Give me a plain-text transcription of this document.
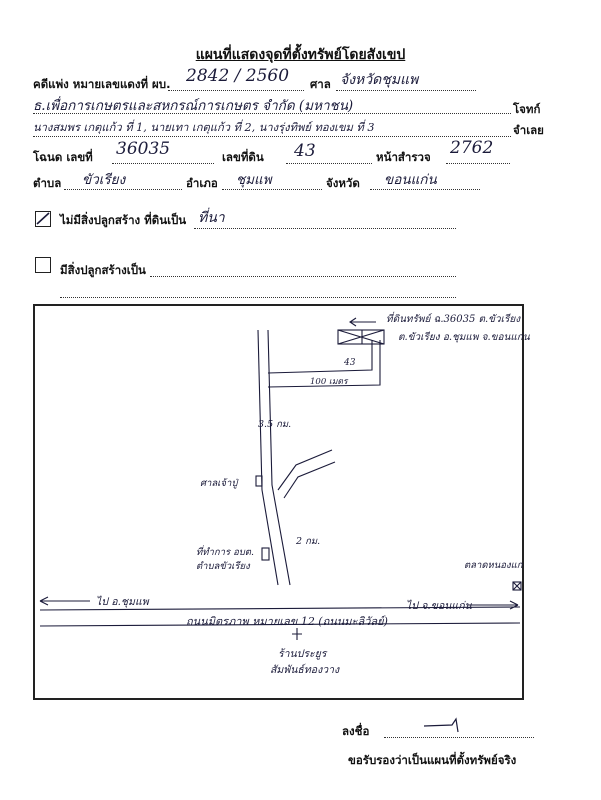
แผนที่แสดงจุดที่ตั้งทรัพย์โดยสังเขป
คดีแพ่ง หมายเลขแดงที่ ผบ. 2842 / 2560 ศาล จังหวัดชุมแพ
ธ.เพื่อการเกษตรและสหกรณ์การเกษตร จำกัด (มหาชน)	โจทก์
นางสมพร เกตุแก้ว ที่ 1, นายเทา เกตุแก้ว ที่ 2, นางรุ่งทิพย์ ทองเขม ที่ 3	จำเลย
โฉนด เลขที่ 36035	เลขที่ดิน 43	หน้าสำรวจ 2762
ตำบล ขัวเรียง	อำเภอ ชุมแพ	จังหวัด ขอนแก่น
ไม่มีสิ่งปลูกสร้าง ที่ดินเป็น ที่นา
มีสิ่งปลูกสร้างเป็น
ที่ดินทรัพย์ ฉ.36035 ต.ขัวเรียง
ต.ขัวเรียง อ.ชุมแพ จ.ขอนแก่น
43
100 เมตร
3.5 กม.
2 กม.
ศาลเจ้าปู่
ที่ทำการ อบต.
ตำบลขัวเรียง	ตลาดหนองแก
ไป อ.ชุมแพ	ไป จ.ขอนแก่น
ถนนมิตรภาพ หมายเลข 12 (ถนนมะลิวัลย์)
ร้านประยูร
สัมพันธ์ทองวาง
ลงชื่อ
ขอรับรองว่าเป็นแผนที่ตั้งทรัพย์จริง
